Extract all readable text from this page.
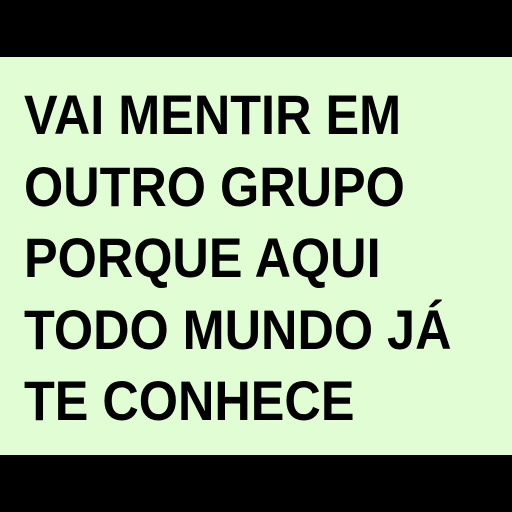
VAI MENTIR EM

OUTRO GRUPO

PORQUE AQUI

TODO MUNDO JÁ

TE CONHECE
